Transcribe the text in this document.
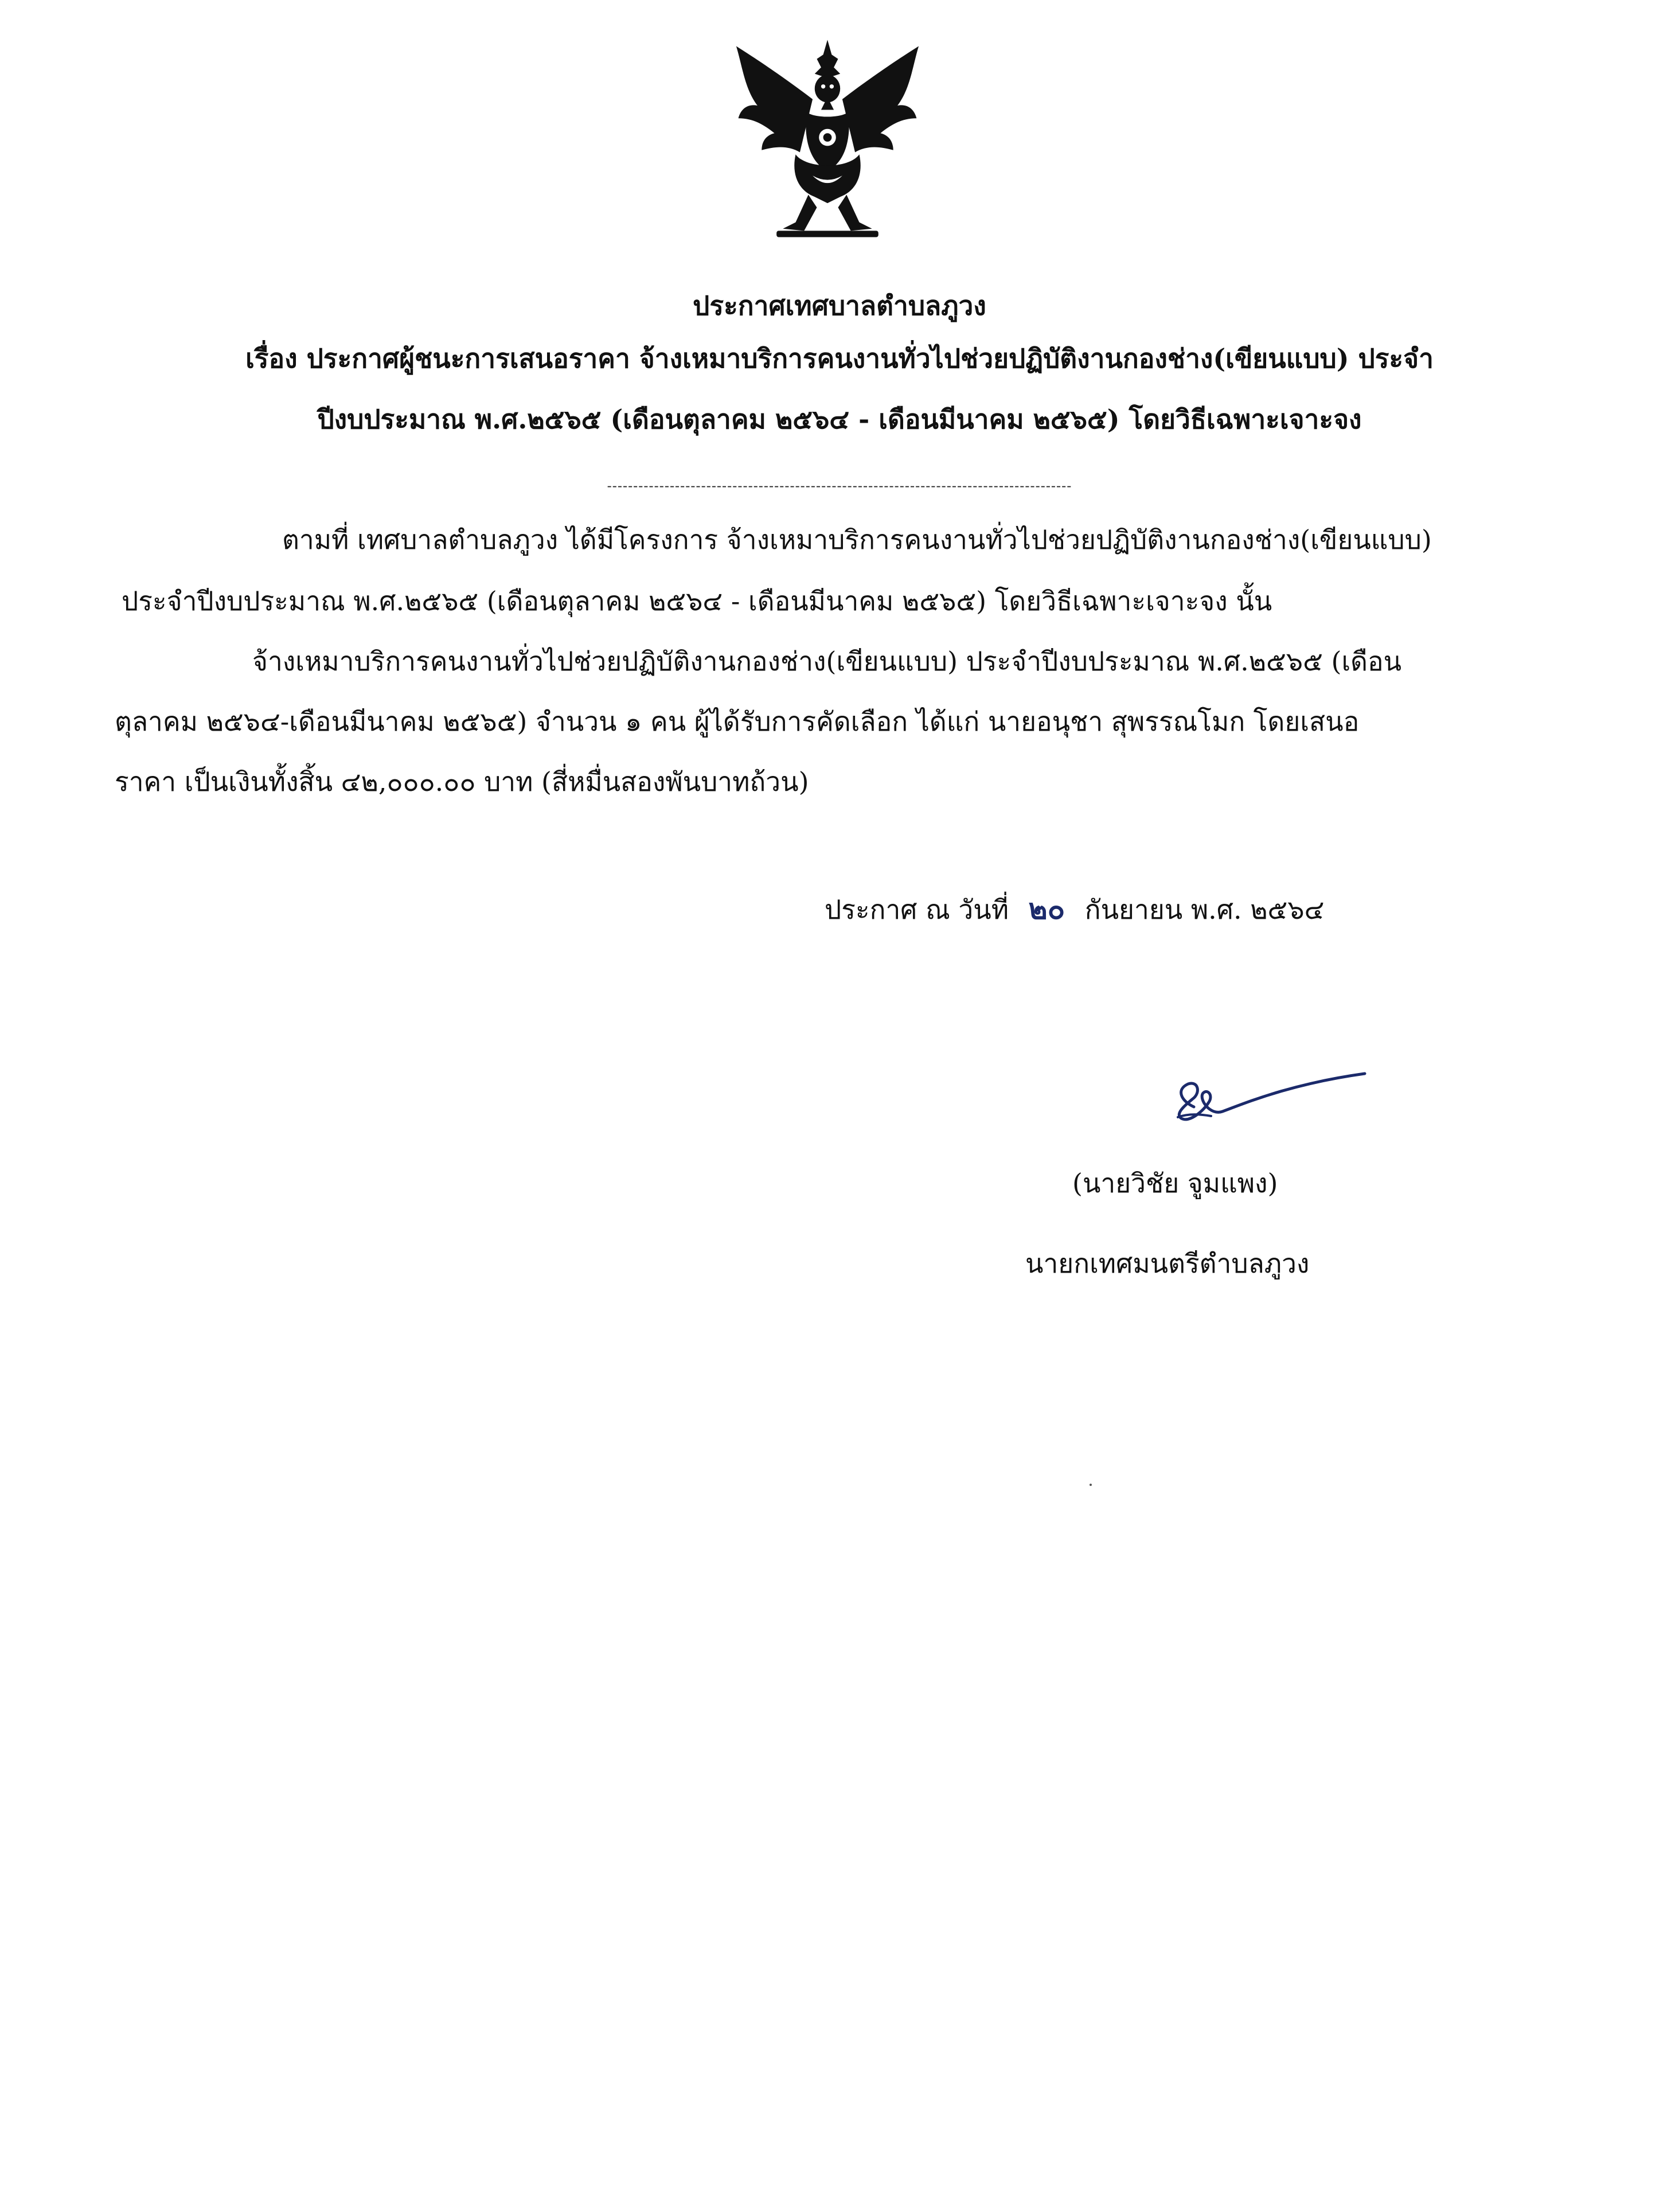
ประกาศเทศบาลตำบลภูวง
เรื่อง ประกาศผู้ชนะการเสนอราคา จ้างเหมาบริการคนงานทั่วไปช่วยปฏิบัติงานกองช่าง(เขียนแบบ) ประจำ
ปีงบประมาณ พ.ศ.๒๕๖๕ (เดือนตุลาคม ๒๕๖๔ - เดือนมีนาคม ๒๕๖๕) โดยวิธีเฉพาะเจาะจง
-----------------------------------------------------------------------------------------
ตามที่ เทศบาลตำบลภูวง ได้มีโครงการ จ้างเหมาบริการคนงานทั่วไปช่วยปฏิบัติงานกองช่าง(เขียนแบบ)
ประจำปีงบประมาณ พ.ศ.๒๕๖๕ (เดือนตุลาคม ๒๕๖๔ - เดือนมีนาคม ๒๕๖๕) โดยวิธีเฉพาะเจาะจง นั้น
จ้างเหมาบริการคนงานทั่วไปช่วยปฏิบัติงานกองช่าง(เขียนแบบ) ประจำปีงบประมาณ พ.ศ.๒๕๖๕ (เดือน
ตุลาคม ๒๕๖๔-เดือนมีนาคม ๒๕๖๕) จำนวน ๑ คน ผู้ได้รับการคัดเลือก ได้แก่ นายอนุชา สุพรรณโมก โดยเสนอ
ราคา เป็นเงินทั้งสิ้น ๔๒,๐๐๐.๐๐ บาท (สี่หมื่นสองพันบาทถ้วน)
ประกาศ ณ วันที่ ๒๐ กันยายน พ.ศ. ๒๕๖๔
(นายวิชัย จูมแพง)
นายกเทศมนตรีตำบลภูวง
